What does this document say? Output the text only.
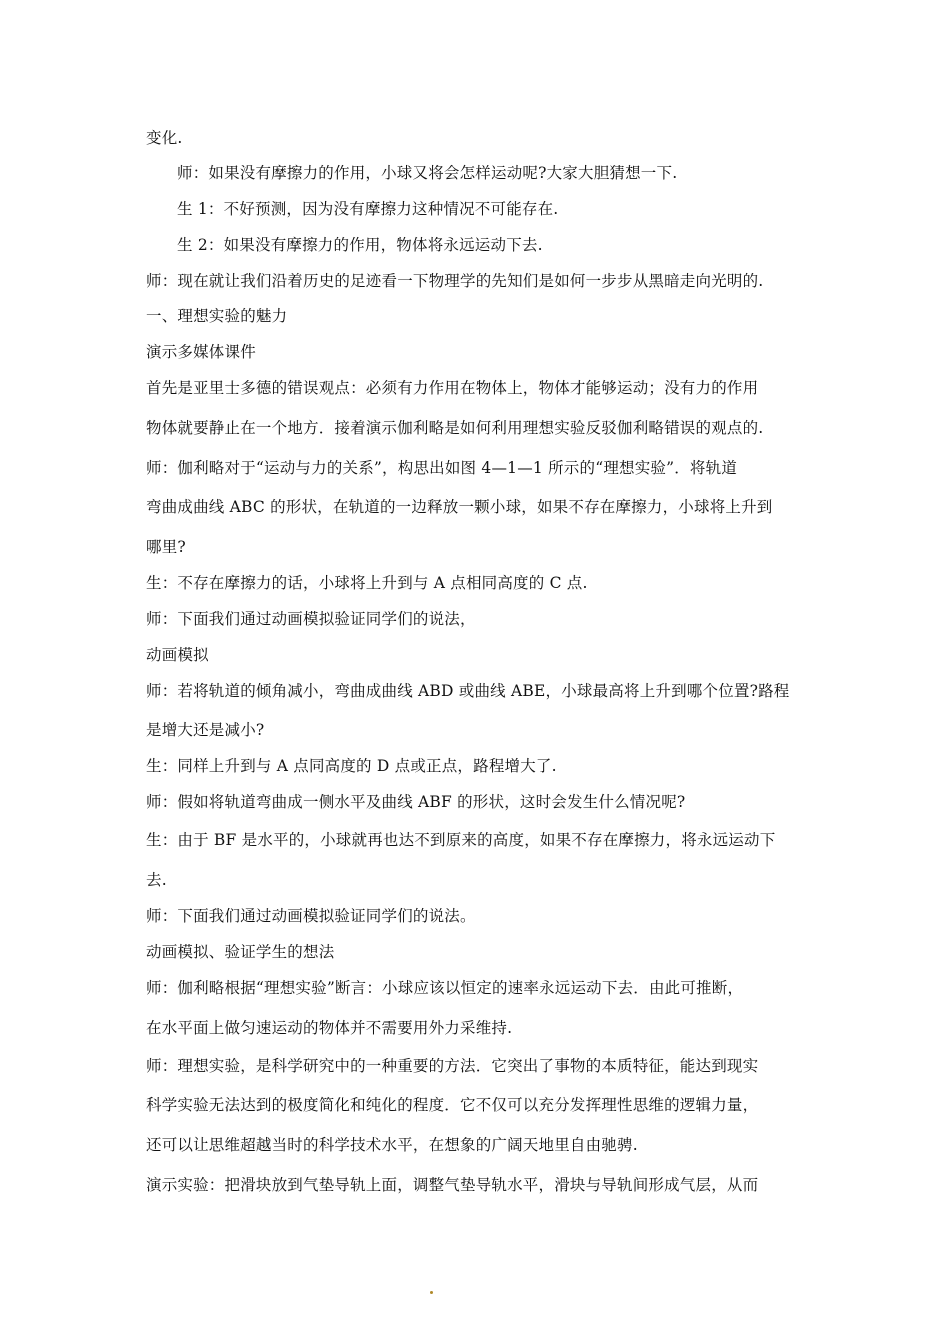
变化.
师：如果没有摩擦力的作用，小球又将会怎样运动呢?大家大胆猜想一下.
生 1：不好预测，因为没有摩擦力这种情况不可能存在.
生 2：如果没有摩擦力的作用，物体将永远运动下去.
师：现在就让我们沿着历史的足迹看一下物理学的先知们是如何一步步从黑暗走向光明的.
一、理想实验的魅力
演示多媒体课件
首先是亚里士多德的错误观点：必须有力作用在物体上，物体才能够运动；没有力的作用
物体就要静止在一个地方．接着演示伽利略是如何利用理想实验反驳伽利略错误的观点的.
师：伽利略对于“运动与力的关系”，构思出如图 4—1—1 所示的“理想实验”．将轨道
弯曲成曲线 ABC 的形状，在轨道的一边释放一颗小球，如果不存在摩擦力，小球将上升到
哪里?
生：不存在摩擦力的话，小球将上升到与 A 点相同高度的 C 点.
师：下面我们通过动画模拟验证同学们的说法，
动画模拟
师：若将轨道的倾角减小，弯曲成曲线 ABD 或曲线 ABE，小球最高将上升到哪个位置?路程
是增大还是减小?
生：同样上升到与 A 点同高度的 D 点或正点，路程增大了.
师：假如将轨道弯曲成一侧水平及曲线 ABF 的形状，这时会发生什么情况呢?
生：由于 BF 是水平的，小球就再也达不到原来的高度，如果不存在摩擦力，将永远运动下
去.
师：下面我们通过动画模拟验证同学们的说法。
动画模拟、验证学生的想法
师：伽利略根据“理想实验”断言：小球应该以恒定的速率永远运动下去．由此可推断，
在水平面上做匀速运动的物体并不需要用外力采维持.
师：理想实验，是科学研究中的一种重要的方法．它突出了事物的本质特征，能达到现实
科学实验无法达到的极度简化和纯化的程度．它不仅可以充分发挥理性思维的逻辑力量，
还可以让思维超越当时的科学技术水平，在想象的广阔天地里自由驰骋.
演示实验：把滑块放到气垫导轨上面，调整气垫导轨水平，滑块与导轨间形成气层，从而
